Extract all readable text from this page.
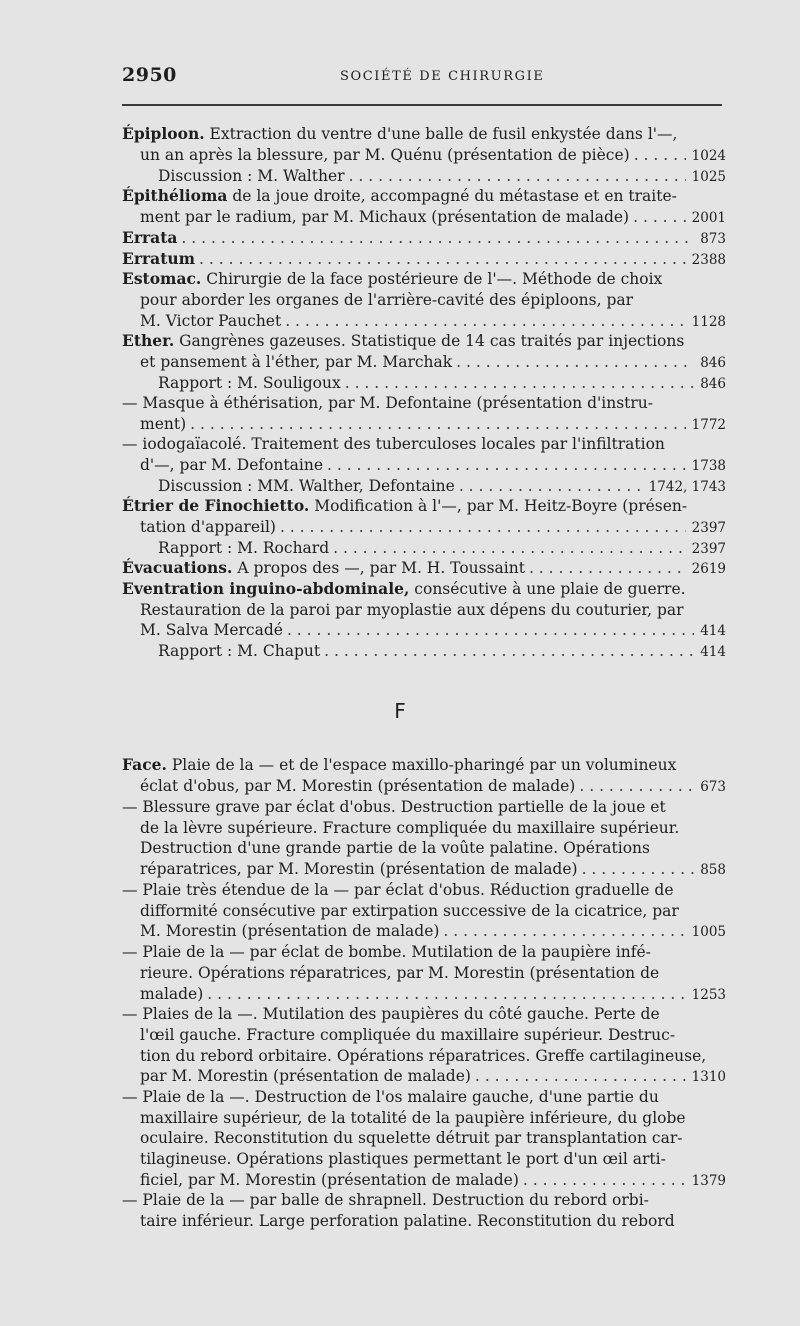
2950	SOCIÉTÉ DE CHIRURGIE
F
Épiploon. Extraction du ventre d'une balle de fusil enkystée dans l'—,
un an après la blessure, par M. Quénu (présentation de pièce) . . .	1024
Discussion : M. Walther . . .	1025
Épithélioma de la joue droite, accompagné du métastase et en traite-
ment par le radium, par M. Michaux (présentation de malade) . . .	2001
Errata . . .	873
Erratum . . .	2388
Estomac. Chirurgie de la face postérieure de l'—. Méthode de choix
pour aborder les organes de l'arrière-cavité des épiploons, par
M. Victor Pauchet . . .	1128
Ether. Gangrènes gazeuses. Statistique de 14 cas traités par injections
et pansement à l'éther, par M. Marchak . . .	846
Rapport : M. Souligoux . . .	846
— Masque à éthérisation, par M. Defontaine (présentation d'instru-
ment) . . .	1772
— iodogaïacolé. Traitement des tuberculoses locales par l'infiltration
d'—, par M. Defontaine . . .	1738
Discussion : MM. Walther, Defontaine . . .	1742, 1743
Étrier de Finochietto. Modification à l'—, par M. Heitz-Boyre (présen-
tation d'appareil) . . .	2397
Rapport : M. Rochard . . .	2397
Évacuations. A propos des —, par M. H. Toussaint . . .	2619
Eventration inguino-abdominale, consécutive à une plaie de guerre.
Restauration de la paroi par myoplastie aux dépens du couturier, par
M. Salva Mercadé . . .	414
Rapport : M. Chaput . . .	414
Face. Plaie de la — et de l'espace maxillo-pharingé par un volumineux
éclat d'obus, par M. Morestin (présentation de malade) . . .	673
— Blessure grave par éclat d'obus. Destruction partielle de la joue et
de la lèvre supérieure. Fracture compliquée du maxillaire supérieur.
Destruction d'une grande partie de la voûte palatine. Opérations
réparatrices, par M. Morestin (présentation de malade) . . .	858
— Plaie très étendue de la — par éclat d'obus. Réduction graduelle de
difformité consécutive par extirpation successive de la cicatrice, par
M. Morestin (présentation de malade) . . .	1005
— Plaie de la — par éclat de bombe. Mutilation de la paupière infé-
rieure. Opérations réparatrices, par M. Morestin (présentation de
malade) . . .	1253
— Plaies de la —. Mutilation des paupières du côté gauche. Perte de
l'œil gauche. Fracture compliquée du maxillaire supérieur. Destruc-
tion du rebord orbitaire. Opérations réparatrices. Greffe cartilagineuse,
par M. Morestin (présentation de malade) . . .	1310
— Plaie de la —. Destruction de l'os malaire gauche, d'une partie du
maxillaire supérieur, de la totalité de la paupière inférieure, du globe
oculaire. Reconstitution du squelette détruit par transplantation car-
tilagineuse. Opérations plastiques permettant le port d'un œil arti-
ficiel, par M. Morestin (présentation de malade) . . .	1379
— Plaie de la — par balle de shrapnell. Destruction du rebord orbi-
taire inférieur. Large perforation palatine. Reconstitution du rebord
